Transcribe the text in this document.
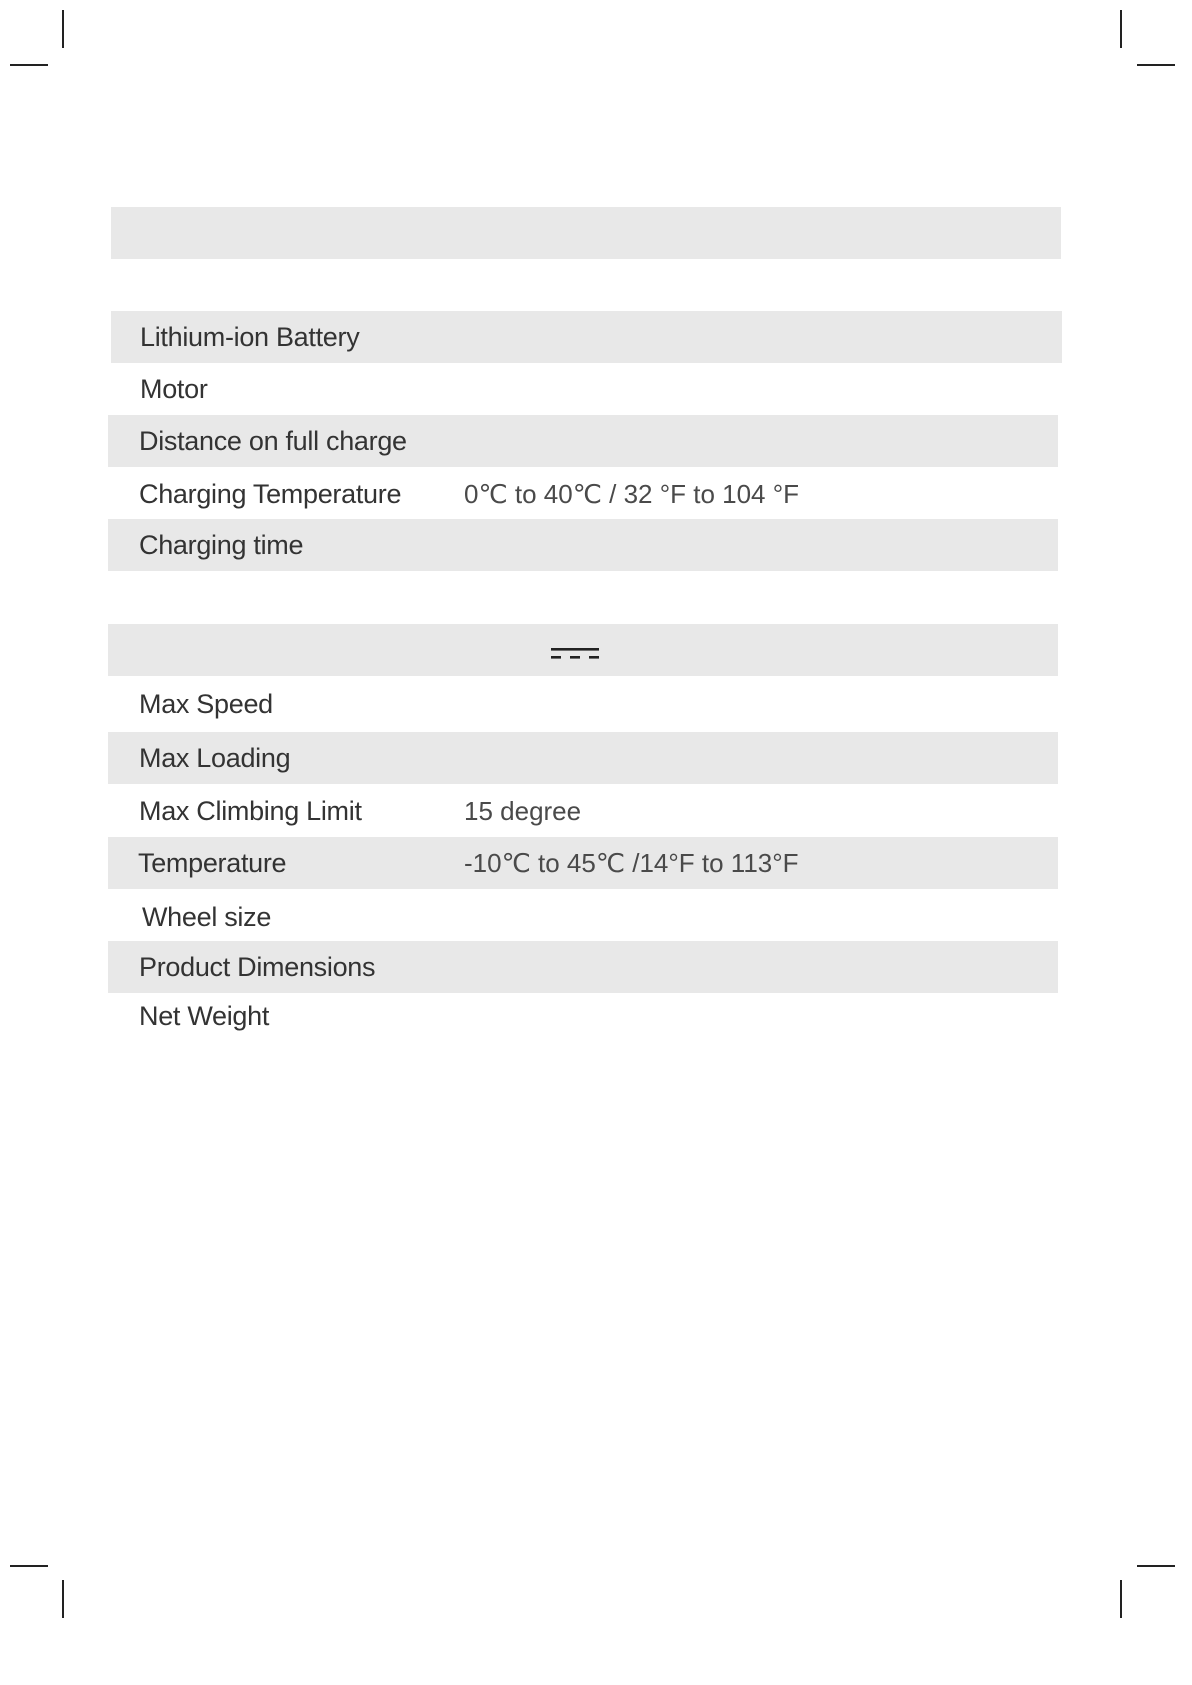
Lithium-ion Battery
Motor
Distance on full charge
Charging Temperature 0℃ to 40℃ / 32 °F to 104 °F
Charging time
Max Speed
Max Loading
Max Climbing Limit	15 degree
Temperature	-10℃ to 45℃ /14°F to 113°F
Wheel size
Product Dimensions
Net Weight
